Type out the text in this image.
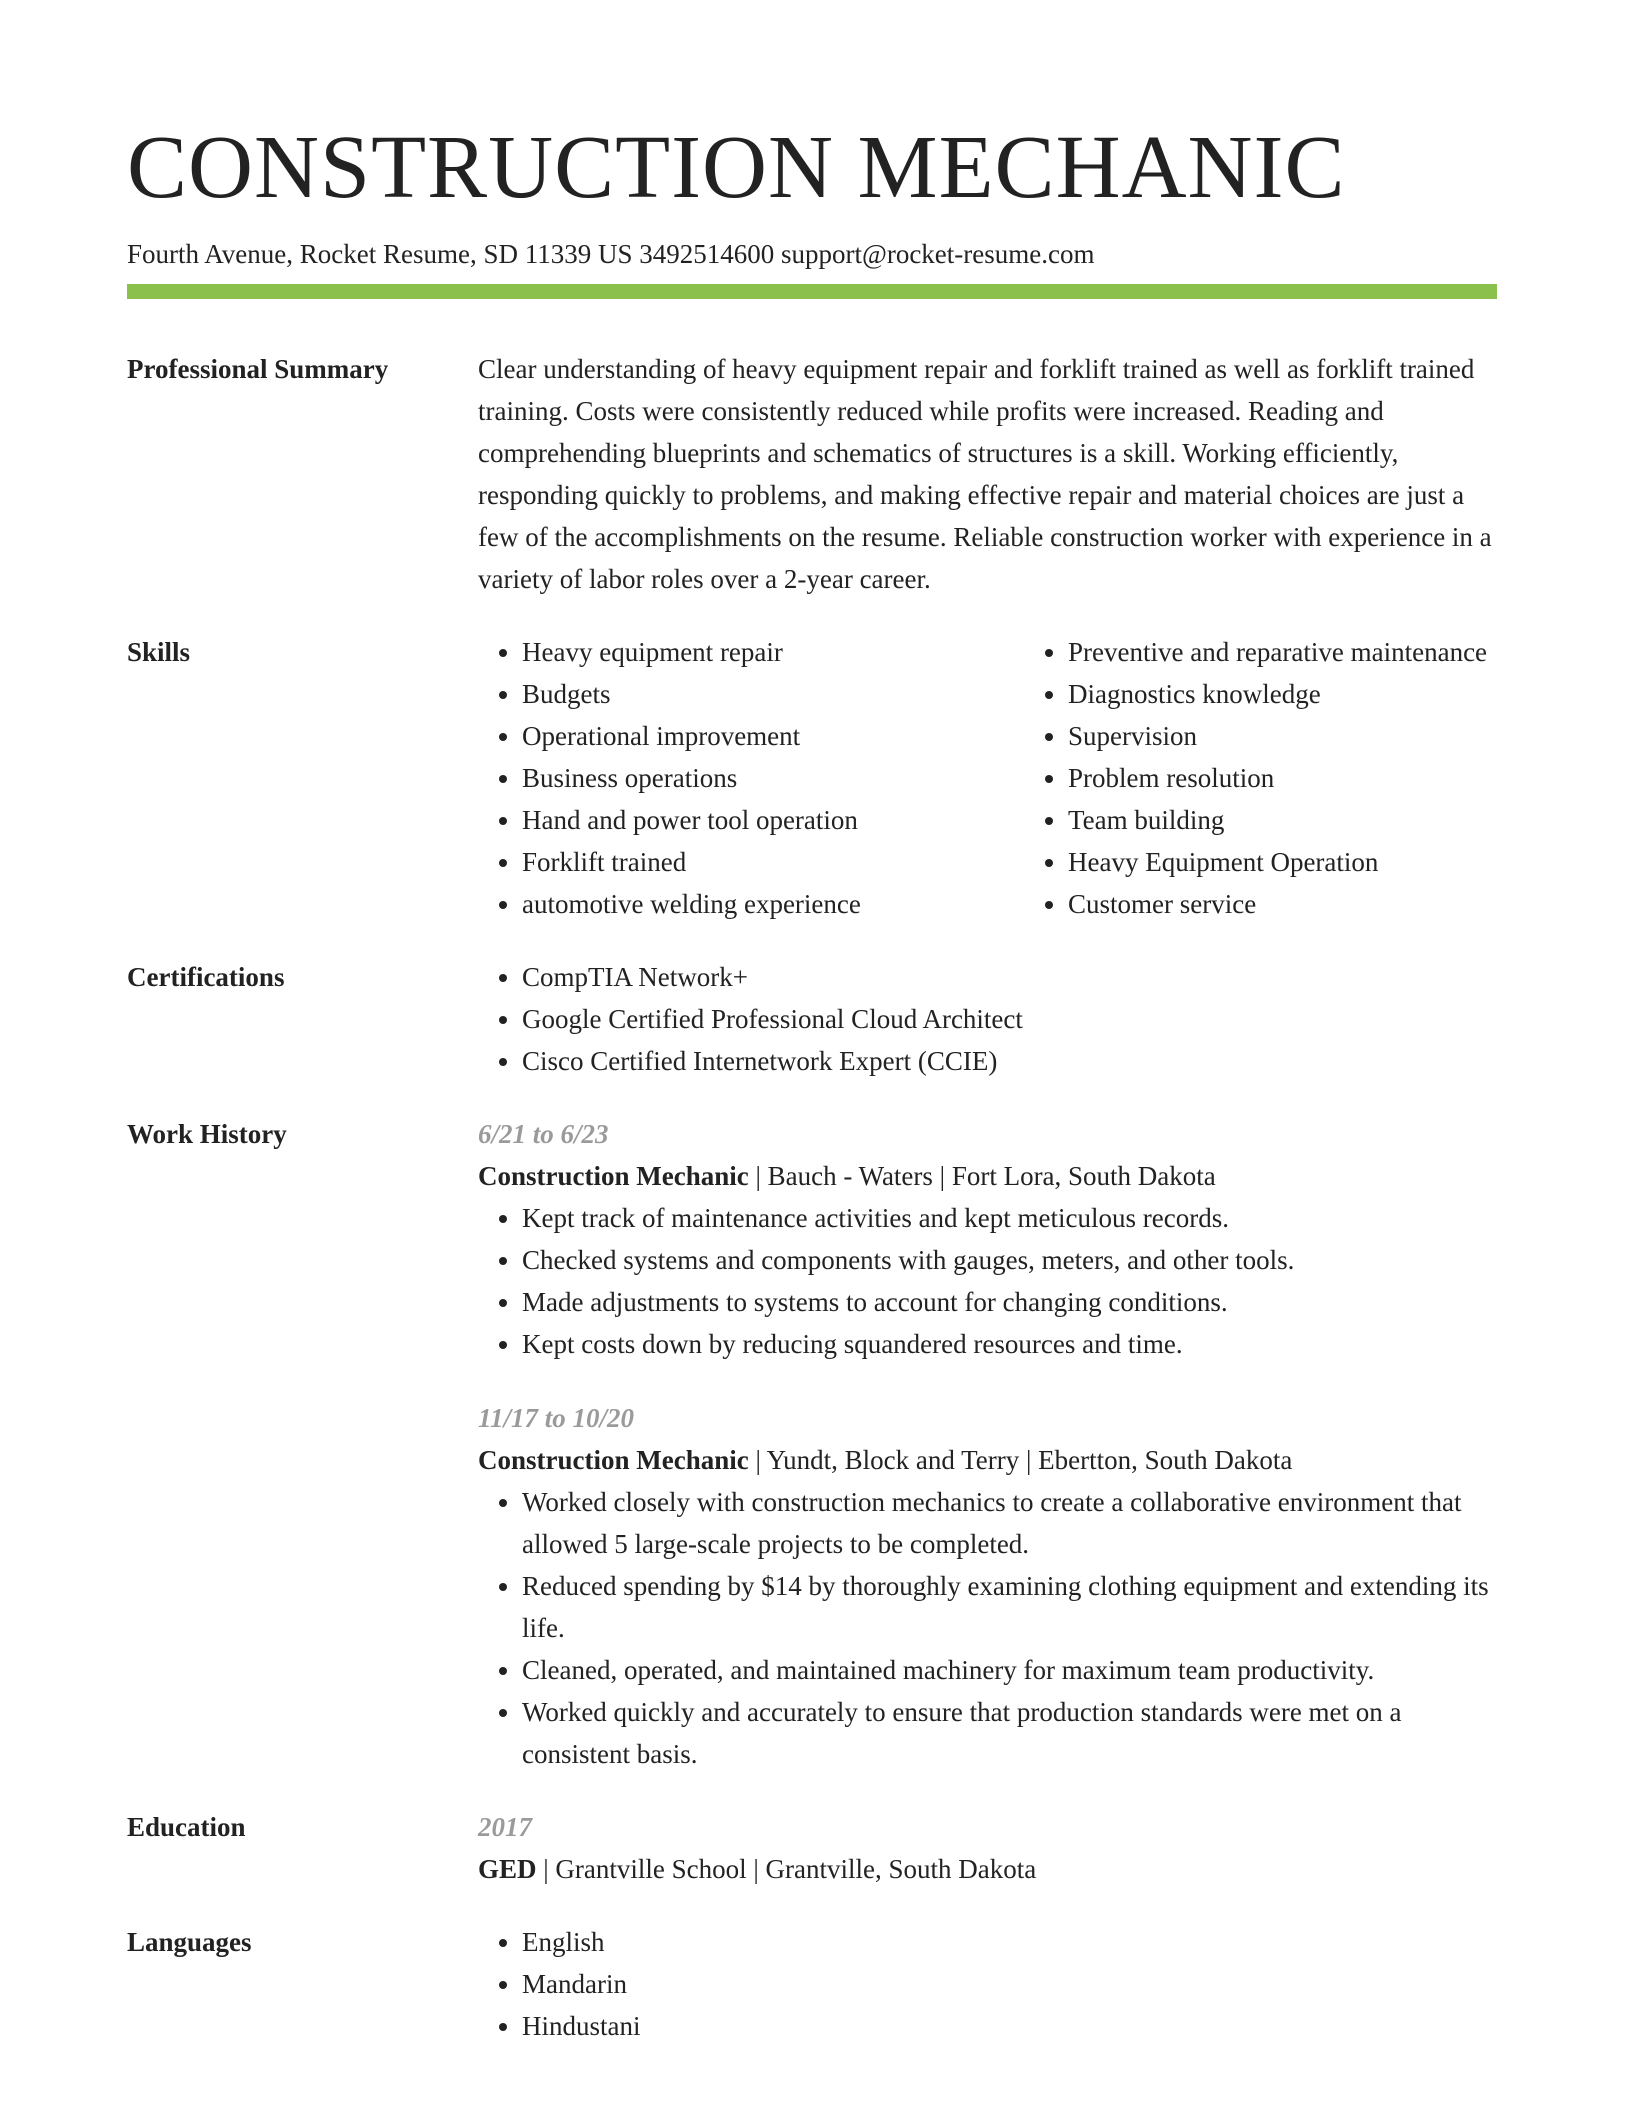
CONSTRUCTION MECHANIC
Fourth Avenue, Rocket Resume, SD 11339 US 3492514600 support@rocket-resume.com
Professional Summary	Clear understanding of heavy equipment repair and forklift trained as well as forklift trained training. Costs were consistently reduced while profits were increased. Reading and comprehending blueprints and schematics of structures is a skill. Working efficiently, responding quickly to problems, and making effective repair and material choices are just a few of the accomplishments on the resume. Reliable construction worker with experience in a variety of labor roles over a 2-year career.

Skills	• Heavy equipment repair
• Budgets
• Operational improvement
• Business operations
• Hand and power tool operation
• Forklift trained
• automotive welding experience
• Preventive and reparative maintenance
• Diagnostics knowledge
• Supervision
• Problem resolution
• Team building
• Heavy Equipment Operation
• Customer service
Certifications	• CompTIA Network+
• Google Certified Professional Cloud Architect
• Cisco Certified Internetwork Expert (CCIE)
Work History	6/21 to 6/23
Construction Mechanic | Bauch - Waters | Fort Lora, South Dakota
• Kept track of maintenance activities and kept meticulous records.
• Checked systems and components with gauges, meters, and other tools.
• Made adjustments to systems to account for changing conditions.
• Kept costs down by reducing squandered resources and time.
11/17 to 10/20
Construction Mechanic | Yundt, Block and Terry | Ebertton, South Dakota
• Worked closely with construction mechanics to create a collaborative environment that allowed 5 large-scale projects to be completed.
• Reduced spending by $14 by thoroughly examining clothing equipment and extending its life.
• Cleaned, operated, and maintained machinery for maximum team productivity.
• Worked quickly and accurately to ensure that production standards were met on a consistent basis.
Education	2017
GED | Grantville School | Grantville, South Dakota
Languages	• English
• Mandarin
• Hindustani
